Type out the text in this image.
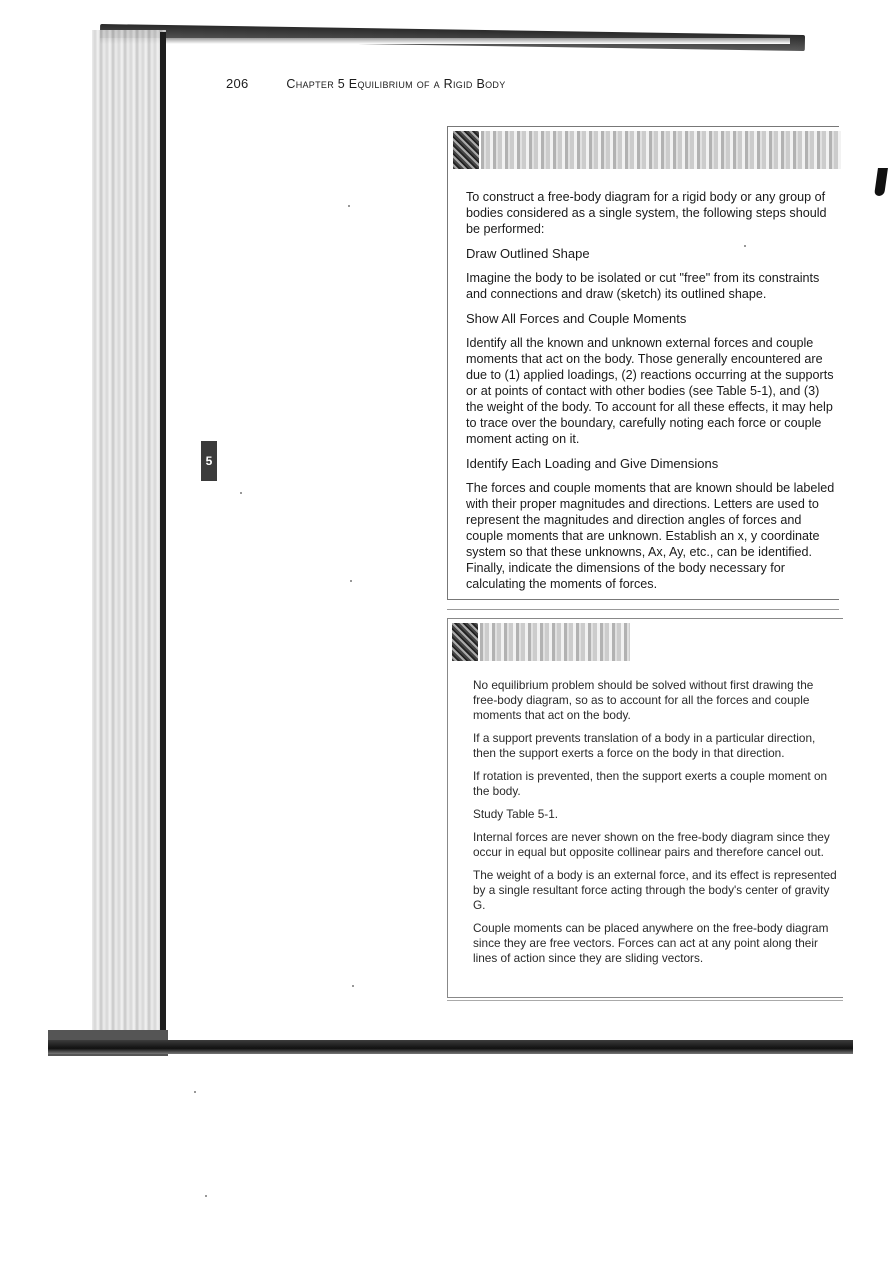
206	Chapter 5 Equilibrium of a Rigid Body
5

To construct a free-body diagram for a rigid body or any group of bodies considered as a single system, the following steps should be performed:

Draw Outlined Shape

Imagine the body to be isolated or cut "free" from its constraints and connections and draw (sketch) its outlined shape.

Show All Forces and Couple Moments

Identify all the known and unknown external forces and couple moments that act on the body. Those generally encountered are due to (1) applied loadings, (2) reactions occurring at the supports or at points of contact with other bodies (see Table 5-1), and (3) the weight of the body. To account for all these effects, it may help to trace over the boundary, carefully noting each force or couple moment acting on it.

Identify Each Loading and Give Dimensions

The forces and couple moments that are known should be labeled with their proper magnitudes and directions. Letters are used to represent the magnitudes and direction angles of forces and couple moments that are unknown. Establish an x, y coordinate system so that these unknowns, Ax, Ay, etc., can be identified. Finally, indicate the dimensions of the body necessary for calculating the moments of forces.

No equilibrium problem should be solved without first drawing the free-body diagram, so as to account for all the forces and couple moments that act on the body.

If a support prevents translation of a body in a particular direction, then the support exerts a force on the body in that direction.

If rotation is prevented, then the support exerts a couple moment on the body.

Study Table 5-1.

Internal forces are never shown on the free-body diagram since they occur in equal but opposite collinear pairs and therefore cancel out.

The weight of a body is an external force, and its effect is represented by a single resultant force acting through the body's center of gravity G.

Couple moments can be placed anywhere on the free-body diagram since they are free vectors. Forces can act at any point along their lines of action since they are sliding vectors.
